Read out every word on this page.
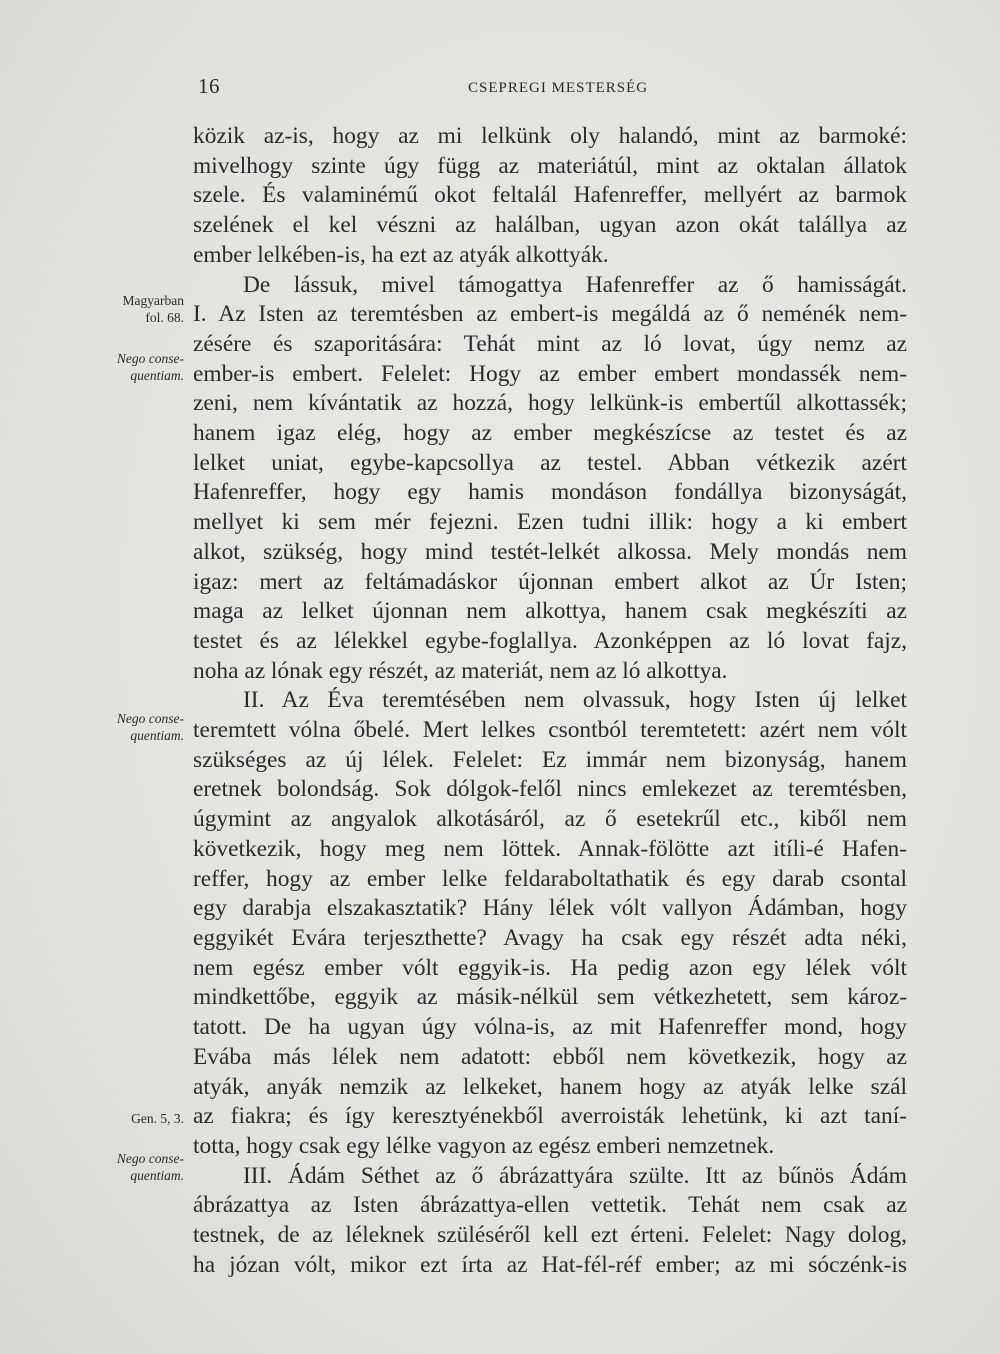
16	CSEPREGI MESTERSÉG
Magyarban
fol. 68.
Nego conse-
quentiam.
Nego conse-
quentiam.
Gen. 5, 3.
Nego conse-
quentiam.
közik az-is, hogy az mi lelkünk oly halandó, mint az barmoké:
mivelhogy szinte úgy függ az materiátúl, mint az oktalan állatok
szele. És valaminémű okot feltalál Hafenreffer, mellyért az barmok
szelének el kel vészni az halálban, ugyan azon okát talállya az
ember lelkében-is, ha ezt az atyák alkottyák.
De lássuk, mivel támogattya Hafenreffer az ő hamisságát.
I. Az Isten az teremtésben az embert-is megáldá az ő neménék nem-
zésére és szaporitására: Tehát mint az ló lovat, úgy nemz az
ember-is embert. Felelet: Hogy az ember embert mondassék nem-
zeni, nem kívántatik az hozzá, hogy lelkünk-is embertűl alkottassék;
hanem igaz elég, hogy az ember megkészícse az testet és az
lelket uniat, egybe-kapcsollya az testel. Abban vétkezik azért
Hafenreffer, hogy egy hamis mondáson fondállya bizonyságát,
mellyet ki sem mér fejezni. Ezen tudni illik: hogy a ki embert
alkot, szükség, hogy mind testét-lelkét alkossa. Mely mondás nem
igaz: mert az feltámadáskor újonnan embert alkot az Úr Isten;
maga az lelket újonnan nem alkottya, hanem csak megkészíti az
testet és az lélekkel egybe-foglallya. Azonképpen az ló lovat fajz,
noha az lónak egy részét, az materiát, nem az ló alkottya.
II. Az Éva teremtésében nem olvassuk, hogy Isten új lelket
teremtett vólna őbelé. Mert lelkes csontból teremtetett: azért nem vólt
szükséges az új lélek. Felelet: Ez immár nem bizonyság, hanem
eretnek bolondság. Sok dólgok-felől nincs emlekezet az teremtésben,
úgymint az angyalok alkotásáról, az ő esetekrűl etc., kiből nem
következik, hogy meg nem löttek. Annak-fölötte azt itíli-é Hafen-
reffer, hogy az ember lelke feldaraboltathatik és egy darab csontal
egy darabja elszakasztatik? Hány lélek vólt vallyon Ádámban, hogy
eggyikét Evára terjeszthette? Avagy ha csak egy részét adta néki,
nem egész ember vólt eggyik-is. Ha pedig azon egy lélek vólt
mindkettőbe, eggyik az másik-nélkül sem vétkezhetett, sem károz-
tatott. De ha ugyan úgy vólna-is, az mit Hafenreffer mond, hogy
Evába más lélek nem adatott: ebből nem következik, hogy az
atyák, anyák nemzik az lelkeket, hanem hogy az atyák lelke szál
az fiakra; és így keresztyénekből averroisták lehetünk, ki azt taní-
totta, hogy csak egy lélke vagyon az egész emberi nemzetnek.
III. Ádám Séthet az ő ábrázattyára szülte. Itt az bűnös Ádám
ábrázattya az Isten ábrázattya-ellen vettetik. Tehát nem csak az
testnek, de az léleknek szüléséről kell ezt érteni. Felelet: Nagy dolog,
ha józan vólt, mikor ezt írta az Hat-fél-réf ember; az mi sóczénk-is
